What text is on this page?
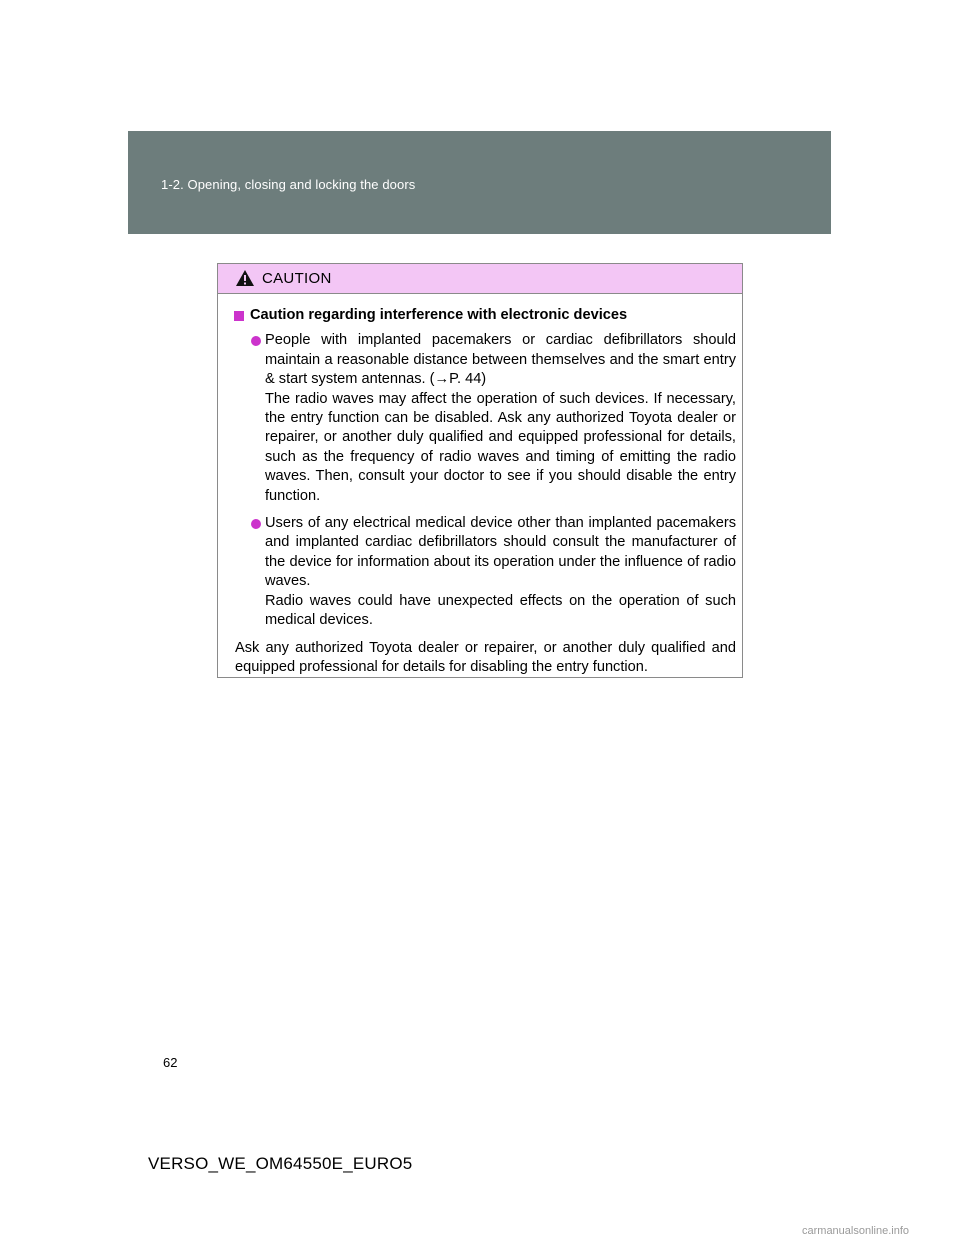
1-2. Opening, closing and locking the doors
CAUTION
Caution regarding interference with electronic devices
People with implanted pacemakers or cardiac defibrillators should maintain a reasonable distance between themselves and the smart entry & start system antennas. (→P. 44)
The radio waves may affect the operation of such devices. If necessary, the entry function can be disabled. Ask any authorized Toyota dealer or repairer, or another duly qualified and equipped professional for details, such as the frequency of radio waves and timing of emitting the radio waves. Then, consult your doctor to see if you should disable the entry function.
Users of any electrical medical device other than implanted pacemakers and implanted cardiac defibrillators should consult the manufacturer of the device for information about its operation under the influence of radio waves.
Radio waves could have unexpected effects on the operation of such medical devices.
Ask any authorized Toyota dealer or repairer, or another duly qualified and equipped professional for details for disabling the entry function.
62
VERSO_WE_OM64550E_EURO5
carmanualsonline.info
